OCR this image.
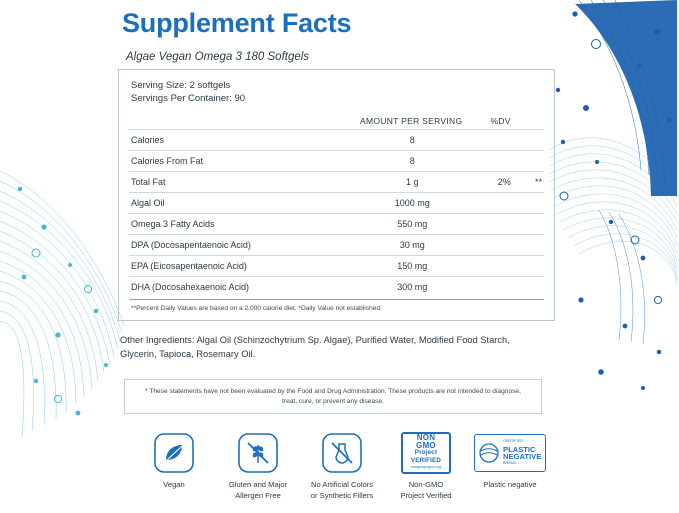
Supplement Facts
Algae Vegan Omega 3 180 Softgels
Serving Size: 2 softgels
Servings Per Container: 90
	AMOUNT PER SERVING	%DV	
Calories	8		
Calories From Fat	8		
Total Fat	1 g	2%	**
Algal Oil	1000 mg		
Omega 3 Fatty Acids	550 mg		
DPA (Docosapentaenoic Acid)	30 mg		
EPA (Eicosapentaenoic Acid)	150 mg		
DHA (Docosahexaenoic Acid)	300 mg		
**Percent Daily Values are based on a 2,000 calorie diet. *Daily Value not established
Other Ingredients: Algal Oil (Schinzochytrium Sp. Algae), Purified Water, Modified Food Starch, Glycerin, Tapioca, Rosemary Oil.
* These statements have not been evaluated by the Food and Drug Administration. These products are not intended to diagnose, treat, cure, or prevent any disease.
Vegan	Gluten and Major
Allergen Free
No Artificial Colors
or Synthetic Fillers
NON
GMO
Project
VERIFIED
nongmoproject.org
Non-GMO
Project Verified
CERTIFIED
PLASTIC
NEGATIVE
BRAND
Plastic negative
